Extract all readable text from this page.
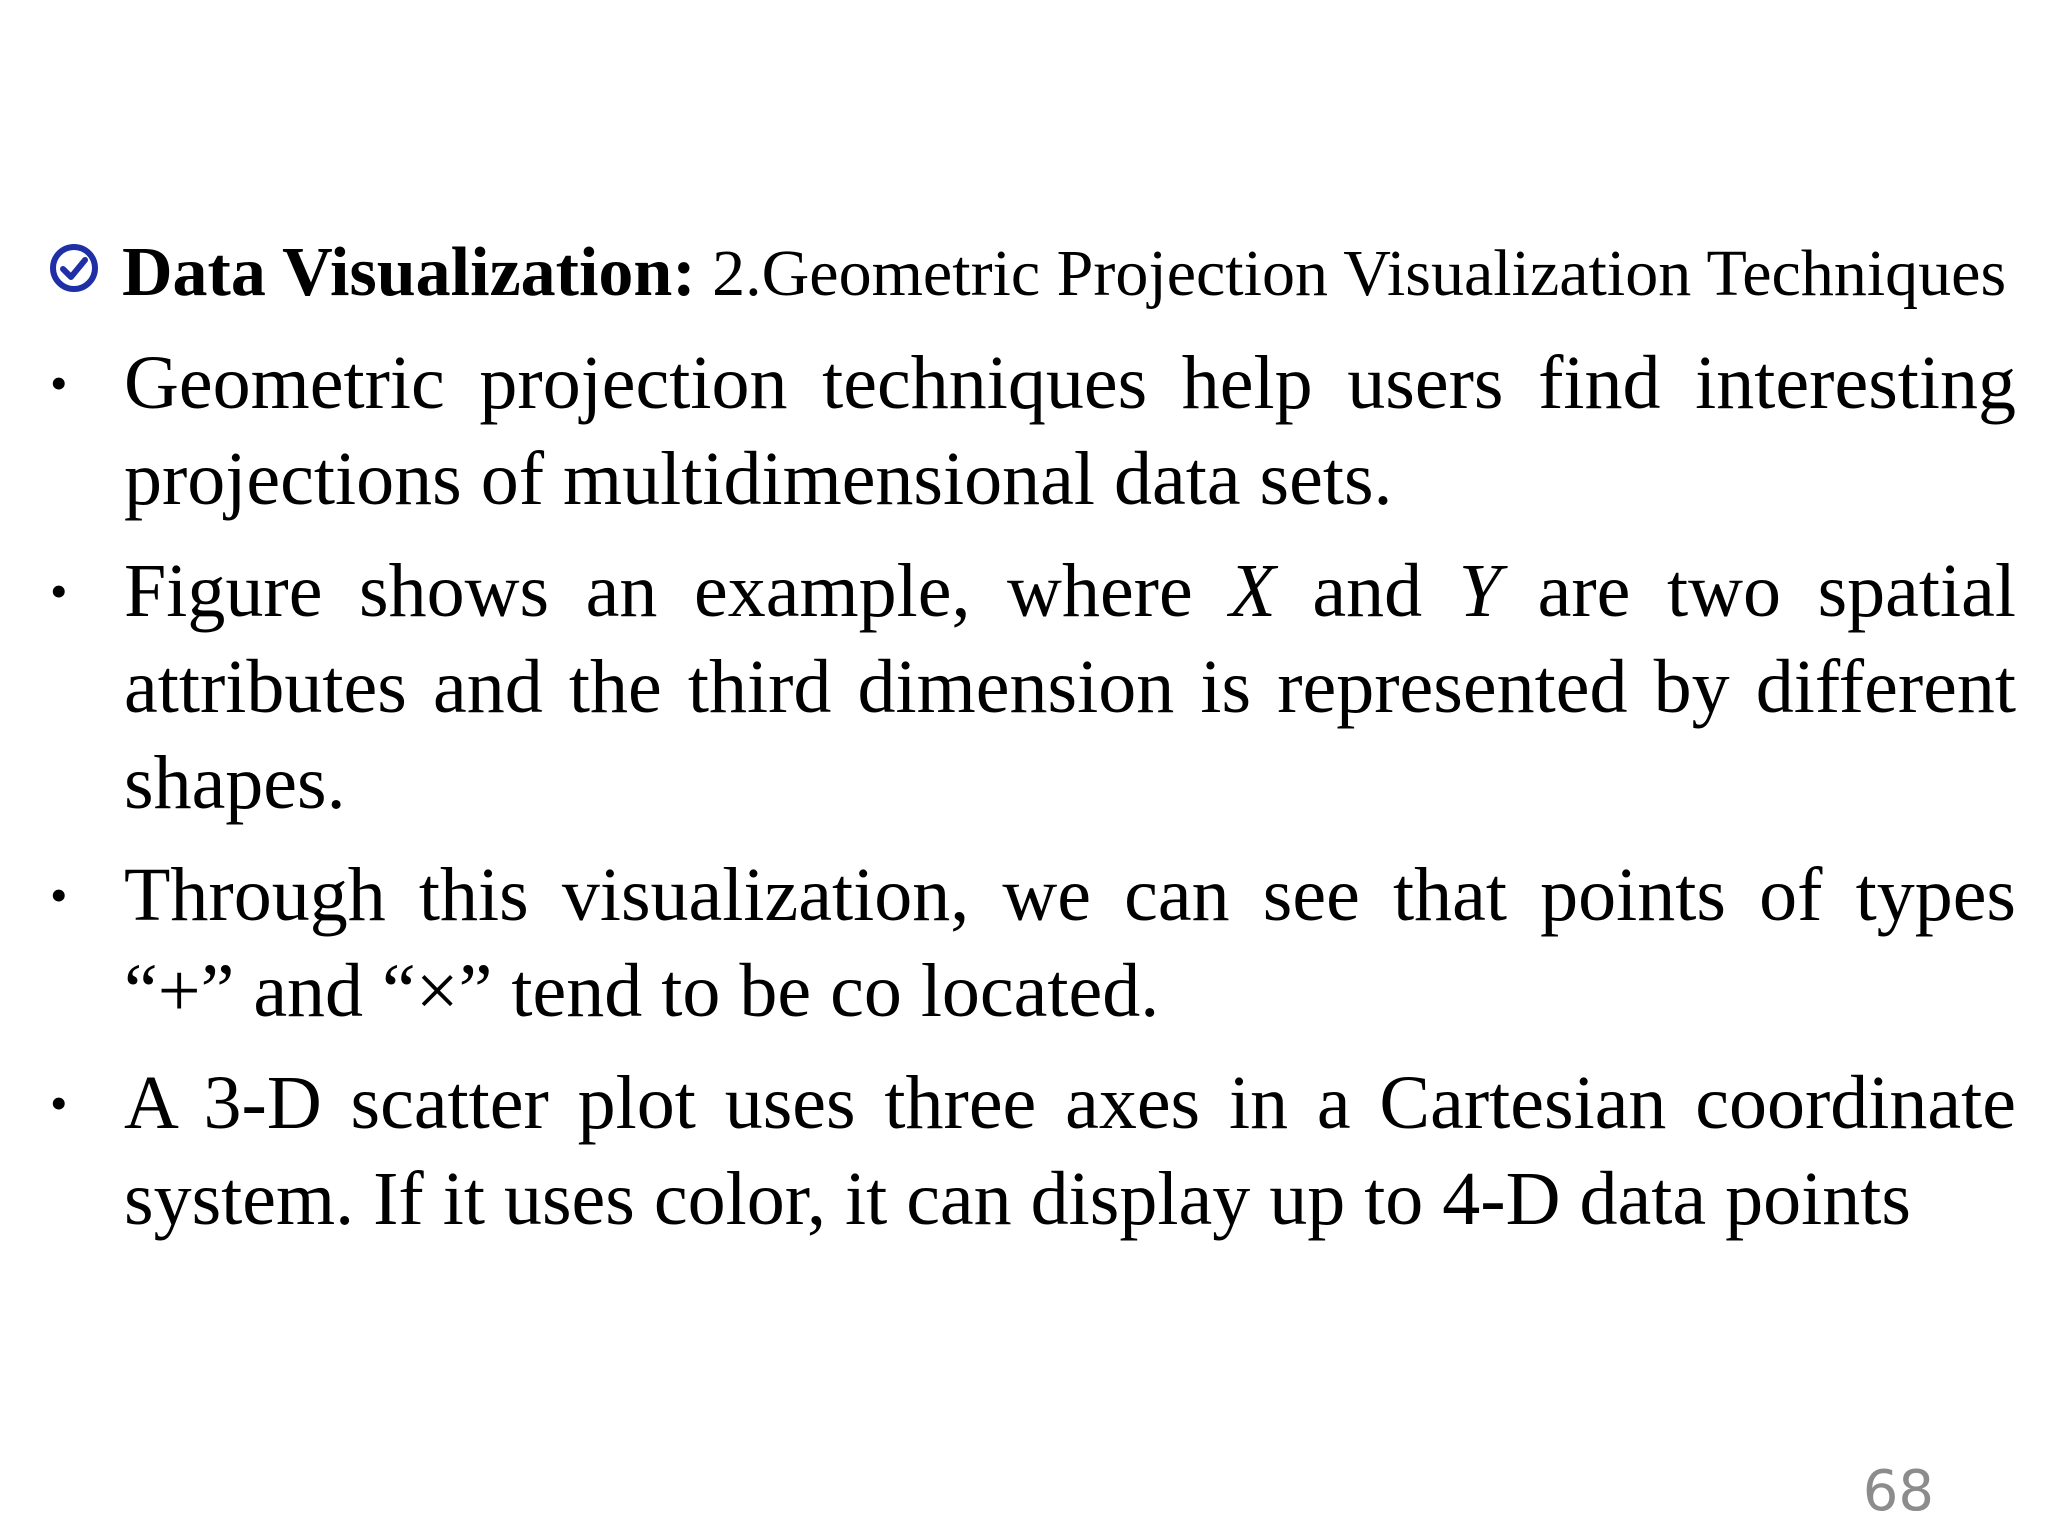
Data Visualization: 2.Geometric Projection Visualization Techniques
• Geometric projection techniques help users find interesting projections of multidimensional data sets.
• Figure shows an example, where X and Y are two spatial attributes and the third dimension is represented by different shapes.
• Through this visualization, we can see that points of types “+” and “×” tend to be co located.
• A 3-D scatter plot uses three axes in a Cartesian coordinate system. If it uses color, it can display up to 4-D data points
68
